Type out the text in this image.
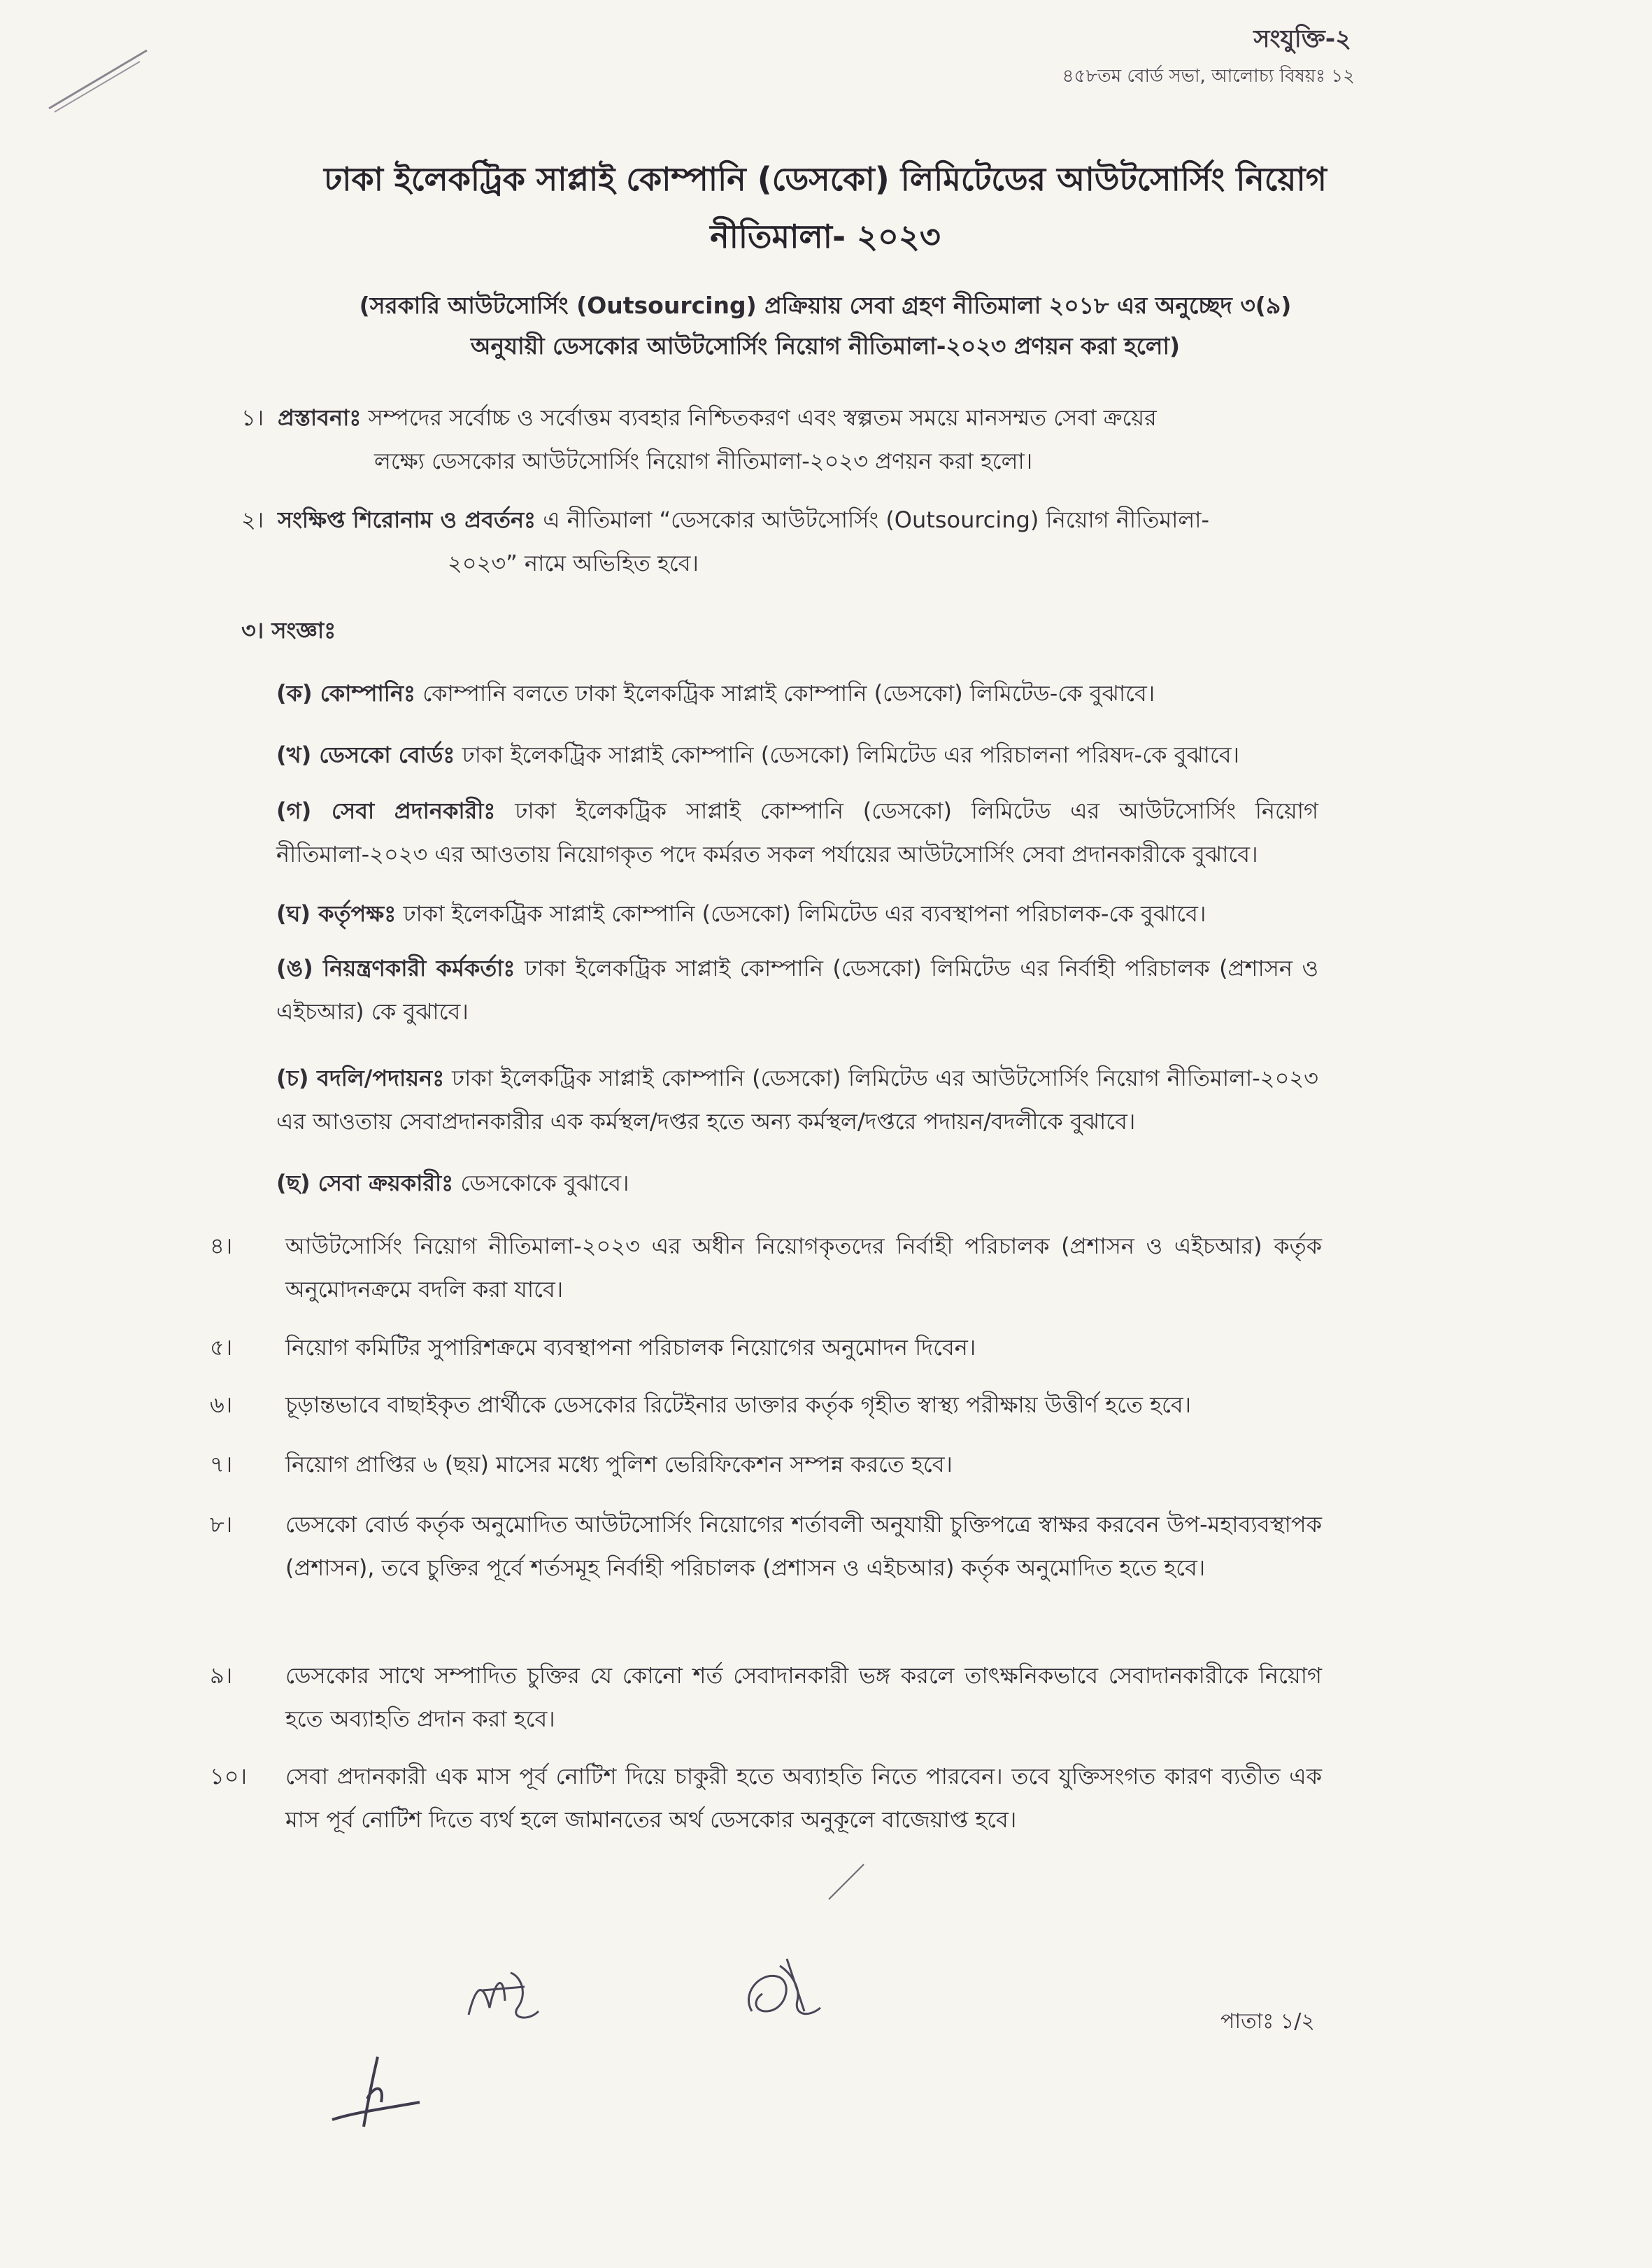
সংযুক্তি-২
৪৫৮তম বোর্ড সভা, আলোচ্য বিষয়ঃ ১২
ঢাকা ইলেকট্রিক সাপ্লাই কোম্পানি (ডেসকো) লিমিটেডের আউটসোর্সিং নিয়োগ
নীতিমালা- ২০২৩
(সরকারি আউটসোর্সিং (Outsourcing) প্রক্রিয়ায় সেবা গ্রহণ নীতিমালা ২০১৮ এর অনুচ্ছেদ ৩(৯)
অনুযায়ী ডেসকোর আউটসোর্সিং নিয়োগ নীতিমালা-২০২৩ প্রণয়ন করা হলো)
১। প্রস্তাবনাঃ সম্পদের সর্বোচ্চ ও সর্বোত্তম ব্যবহার নিশ্চিতকরণ এবং স্বল্পতম সময়ে মানসম্মত সেবা ক্রয়ের
লক্ষ্যে ডেসকোর আউটসোর্সিং নিয়োগ নীতিমালা-২০২৩ প্রণয়ন করা হলো।
২। সংক্ষিপ্ত শিরোনাম ও প্রবর্তনঃ এ নীতিমালা “ডেসকোর আউটসোর্সিং (Outsourcing) নিয়োগ নীতিমালা-
২০২৩” নামে অভিহিত হবে।
৩। সংজ্ঞাঃ
(ক) কোম্পানিঃ কোম্পানি বলতে ঢাকা ইলেকট্রিক সাপ্লাই কোম্পানি (ডেসকো) লিমিটেড-কে বুঝাবে।
(খ) ডেসকো বোর্ডঃ ঢাকা ইলেকট্রিক সাপ্লাই কোম্পানি (ডেসকো) লিমিটেড এর পরিচালনা পরিষদ-কে বুঝাবে।
(গ) সেবা প্রদানকারীঃ ঢাকা ইলেকট্রিক সাপ্লাই কোম্পানি (ডেসকো) লিমিটেড এর আউটসোর্সিং নিয়োগ নীতিমালা-২০২৩ এর আওতায় নিয়োগকৃত পদে কর্মরত সকল পর্যায়ের আউটসোর্সিং সেবা প্রদানকারীকে বুঝাবে।
(ঘ) কর্তৃপক্ষঃ ঢাকা ইলেকট্রিক সাপ্লাই কোম্পানি (ডেসকো) লিমিটেড এর ব্যবস্থাপনা পরিচালক-কে বুঝাবে।
(ঙ) নিয়ন্ত্রণকারী কর্মকর্তাঃ ঢাকা ইলেকট্রিক সাপ্লাই কোম্পানি (ডেসকো) লিমিটেড এর নির্বাহী পরিচালক (প্রশাসন ও এইচআর) কে বুঝাবে।
(চ) বদলি/পদায়নঃ ঢাকা ইলেকট্রিক সাপ্লাই কোম্পানি (ডেসকো) লিমিটেড এর আউটসোর্সিং নিয়োগ নীতিমালা-২০২৩ এর আওতায় সেবাপ্রদানকারীর এক কর্মস্থল/দপ্তর হতে অন্য কর্মস্থল/দপ্তরে পদায়ন/বদলীকে বুঝাবে।
(ছ) সেবা ক্রয়কারীঃ ডেসকোকে বুঝাবে।
৪।	আউটসোর্সিং নিয়োগ নীতিমালা-২০২৩ এর অধীন নিয়োগকৃতদের নির্বাহী পরিচালক (প্রশাসন ও এইচআর) কর্তৃক অনুমোদনক্রমে বদলি করা যাবে।
৫।	নিয়োগ কমিটির সুপারিশক্রমে ব্যবস্থাপনা পরিচালক নিয়োগের অনুমোদন দিবেন।
৬।	চূড়ান্তভাবে বাছাইকৃত প্রার্থীকে ডেসকোর রিটেইনার ডাক্তার কর্তৃক গৃহীত স্বাস্থ্য পরীক্ষায় উত্তীর্ণ হতে হবে।
৭।	নিয়োগ প্রাপ্তির ৬ (ছয়) মাসের মধ্যে পুলিশ ভেরিফিকেশন সম্পন্ন করতে হবে।
৮।	ডেসকো বোর্ড কর্তৃক অনুমোদিত আউটসোর্সিং নিয়োগের শর্তাবলী অনুযায়ী চুক্তিপত্রে স্বাক্ষর করবেন উপ-মহাব্যবস্থাপক (প্রশাসন), তবে চুক্তির পূর্বে শর্তসমূহ নির্বাহী পরিচালক (প্রশাসন ও এইচআর) কর্তৃক অনুমোদিত হতে হবে।
৯।	ডেসকোর সাথে সম্পাদিত চুক্তির যে কোনো শর্ত সেবাদানকারী ভঙ্গ করলে তাৎক্ষনিকভাবে সেবাদানকারীকে নিয়োগ হতে অব্যাহতি প্রদান করা হবে।
১০।	সেবা প্রদানকারী এক মাস পূর্ব নোটিশ দিয়ে চাকুরী হতে অব্যাহতি নিতে পারবেন। তবে যুক্তিসংগত কারণ ব্যতীত এক মাস পূর্ব নোটিশ দিতে ব্যর্থ হলে জামানতের অর্থ ডেসকোর অনুকূলে বাজেয়াপ্ত হবে।
পাতাঃ ১/২
